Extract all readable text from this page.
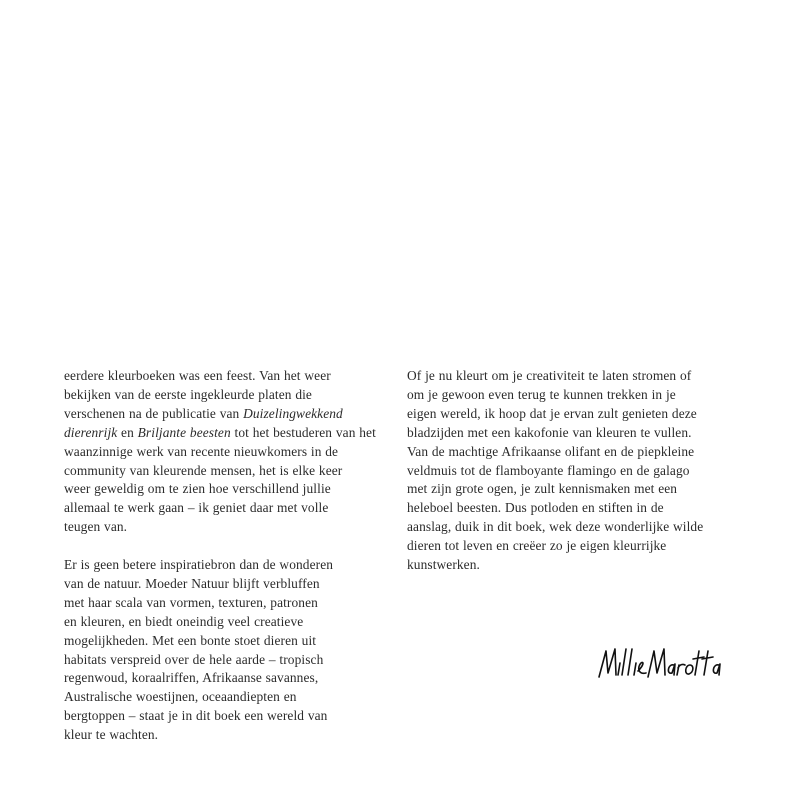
eerdere kleurboeken was een feest. Van het weer
bekijken van de eerste ingekleurde platen die
verschenen na de publicatie van Duizelingwekkend
dierenrijk en Briljante beesten tot het bestuderen van het
waanzinnige werk van recente nieuwkomers in de
community van kleurende mensen, het is elke keer
weer geweldig om te zien hoe verschillend jullie
allemaal te werk gaan – ik geniet daar met volle
teugen van.
Er is geen betere inspiratiebron dan de wonderen
van de natuur. Moeder Natuur blijft verbluffen
met haar scala van vormen, texturen, patronen
en kleuren, en biedt oneindig veel creatieve
mogelijkheden. Met een bonte stoet dieren uit
habitats verspreid over de hele aarde – tropisch
regenwoud, koraalriffen, Afrikaanse savannes,
Australische woestijnen, oceaandiepten en
bergtoppen – staat je in dit boek een wereld van
kleur te wachten.
Of je nu kleurt om je creativiteit te laten stromen of
om je gewoon even terug te kunnen trekken in je
eigen wereld, ik hoop dat je ervan zult genieten deze
bladzijden met een kakofonie van kleuren te vullen.
Van de machtige Afrikaanse olifant en de piepkleine
veldmuis tot de flamboyante flamingo en de galago
met zijn grote ogen, je zult kennismaken met een
heleboel beesten. Dus potloden en stiften in de
aanslag, duik in dit boek, wek deze wonderlijke wilde
dieren tot leven en creëer zo je eigen kleurrijke
kunstwerken.
